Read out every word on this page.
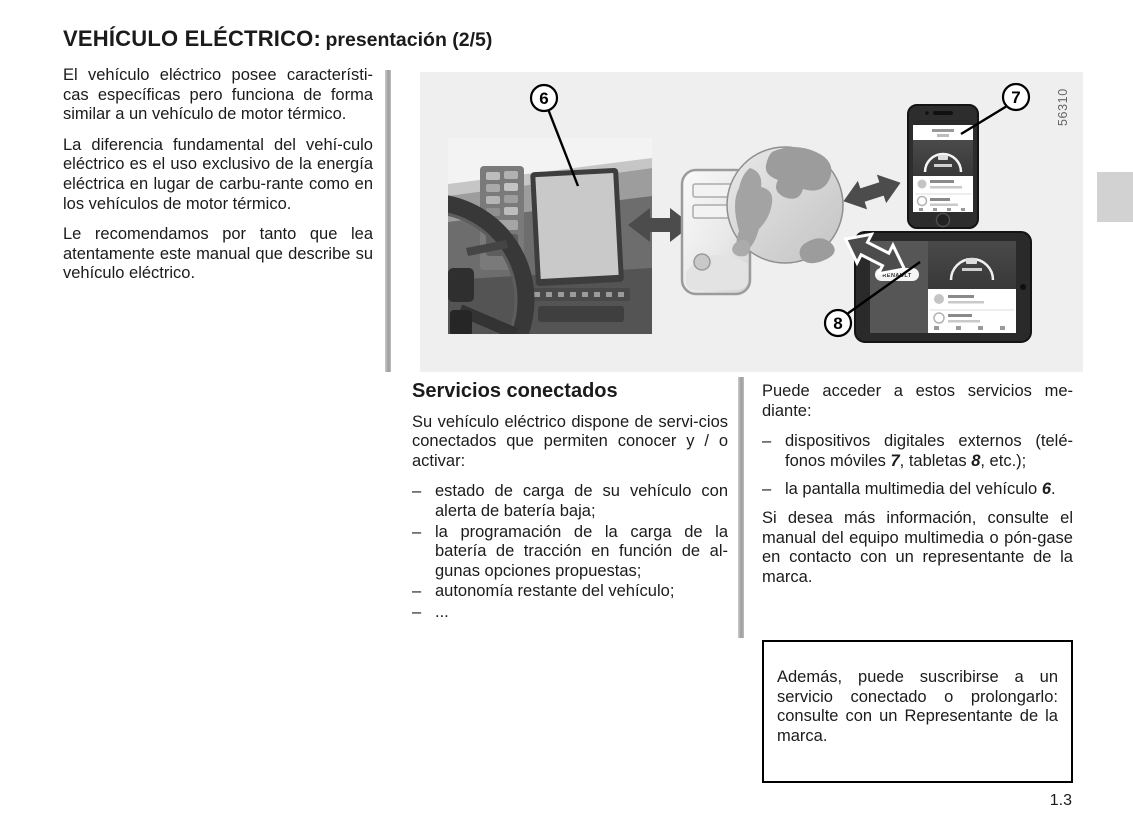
VEHÍCULO ELÉCTRICO: presentación (2/5)

El vehículo eléctrico posee característi-cas específicas pero funciona de forma similar a un vehículo de motor térmico.

La diferencia fundamental del vehí-culo eléctrico es el uso exclusivo de la energía eléctrica en lugar de carbu-rante como en los vehículos de motor térmico.

Le recomendamos por tanto que lea atentamente este manual que describe su vehículo eléctrico.

6	7
RENAULT
8
56310
Servicios conectados

Su vehículo eléctrico dispone de servi-cios conectados que permiten conocer y / o activar:

– estado de carga de su vehículo con alerta de batería baja;
– la programación de la carga de la batería de tracción en función de al-gunas opciones propuestas;
– autonomía restante del vehículo;
– ...

Puede acceder a estos servicios me-diante:

– dispositivos digitales externos (telé-fonos móviles 7, tabletas 8, etc.);
– la pantalla multimedia del vehículo 6.

Si desea más información, consulte el manual del equipo multimedia o pón-gase en contacto con un representante de la marca.

Además, puede suscribirse a un servicio conectado o prolongarlo: consulte con un Representante de la marca.
1.3
